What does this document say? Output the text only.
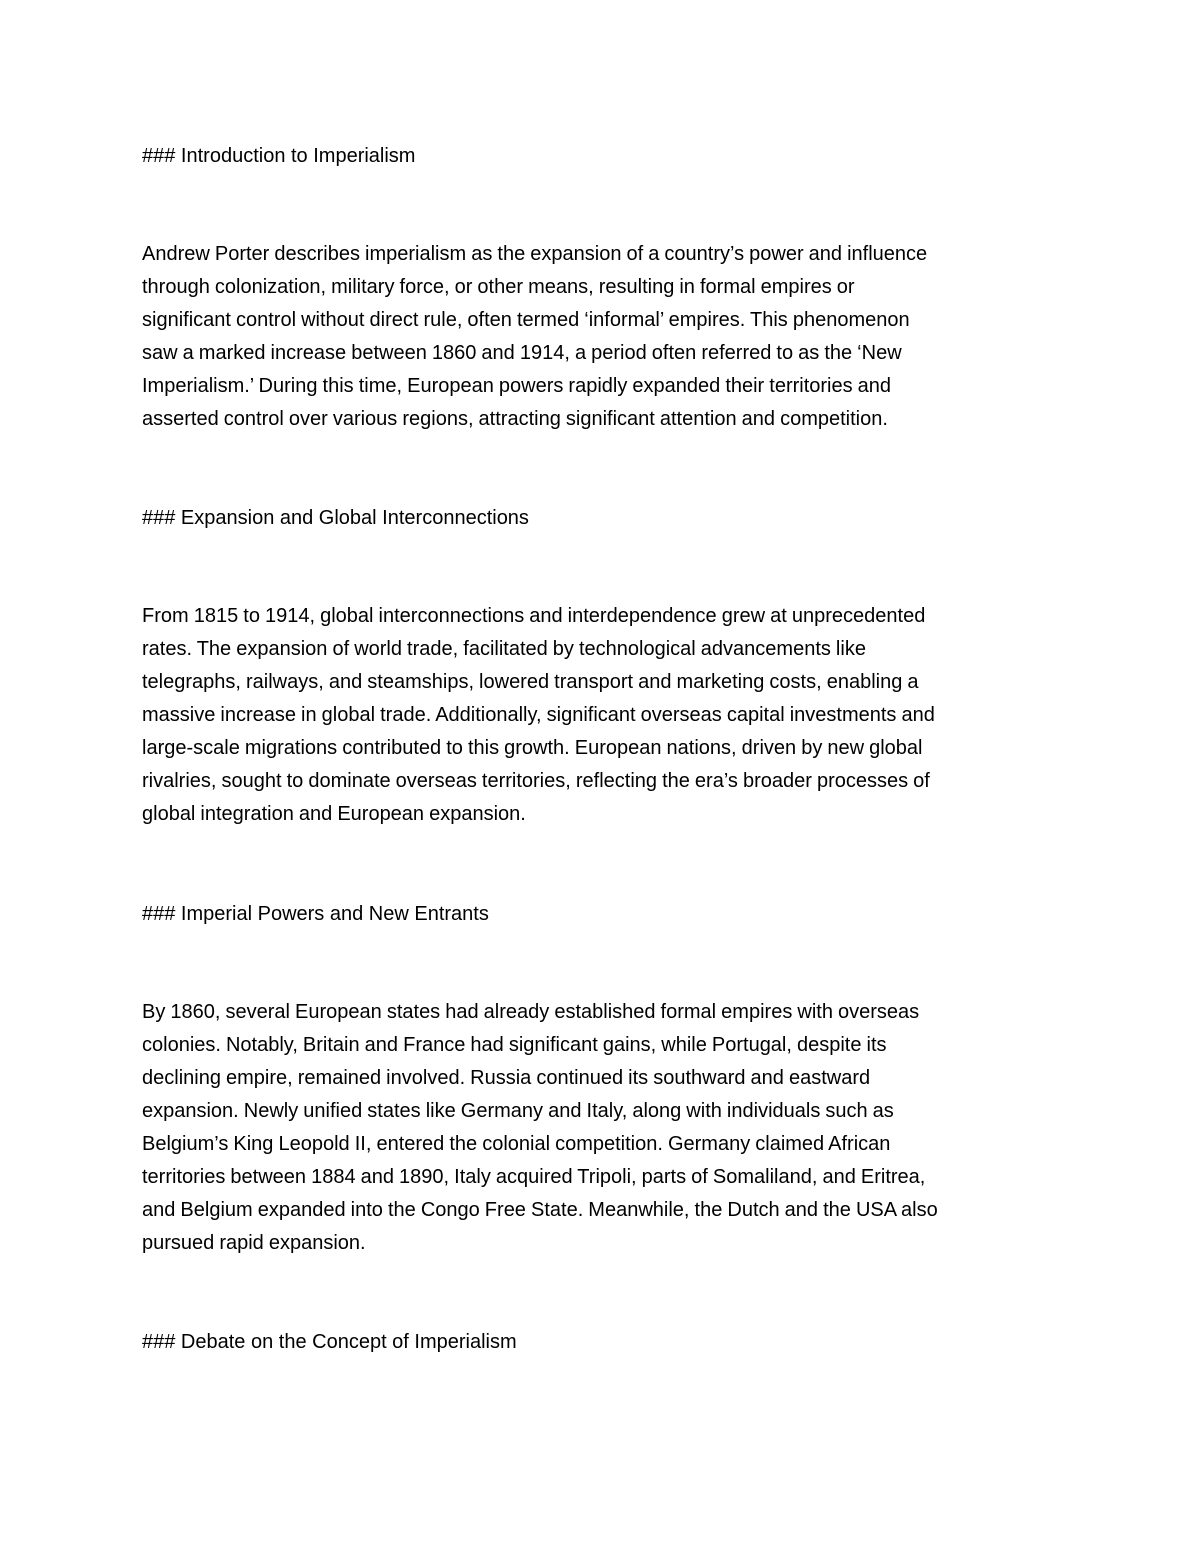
### Introduction to Imperialism
Andrew Porter describes imperialism as the expansion of a country’s power and influence
through colonization, military force, or other means, resulting in formal empires or
significant control without direct rule, often termed ‘informal’ empires. This phenomenon
saw a marked increase between 1860 and 1914, a period often referred to as the ‘New
Imperialism.’ During this time, European powers rapidly expanded their territories and
asserted control over various regions, attracting significant attention and competition.
### Expansion and Global Interconnections
From 1815 to 1914, global interconnections and interdependence grew at unprecedented
rates. The expansion of world trade, facilitated by technological advancements like
telegraphs, railways, and steamships, lowered transport and marketing costs, enabling a
massive increase in global trade. Additionally, significant overseas capital investments and
large-scale migrations contributed to this growth. European nations, driven by new global
rivalries, sought to dominate overseas territories, reflecting the era’s broader processes of
global integration and European expansion.
### Imperial Powers and New Entrants
By 1860, several European states had already established formal empires with overseas
colonies. Notably, Britain and France had significant gains, while Portugal, despite its
declining empire, remained involved. Russia continued its southward and eastward
expansion. Newly unified states like Germany and Italy, along with individuals such as
Belgium’s King Leopold II, entered the colonial competition. Germany claimed African
territories between 1884 and 1890, Italy acquired Tripoli, parts of Somaliland, and Eritrea,
and Belgium expanded into the Congo Free State. Meanwhile, the Dutch and the USA also
pursued rapid expansion.
### Debate on the Concept of Imperialism
